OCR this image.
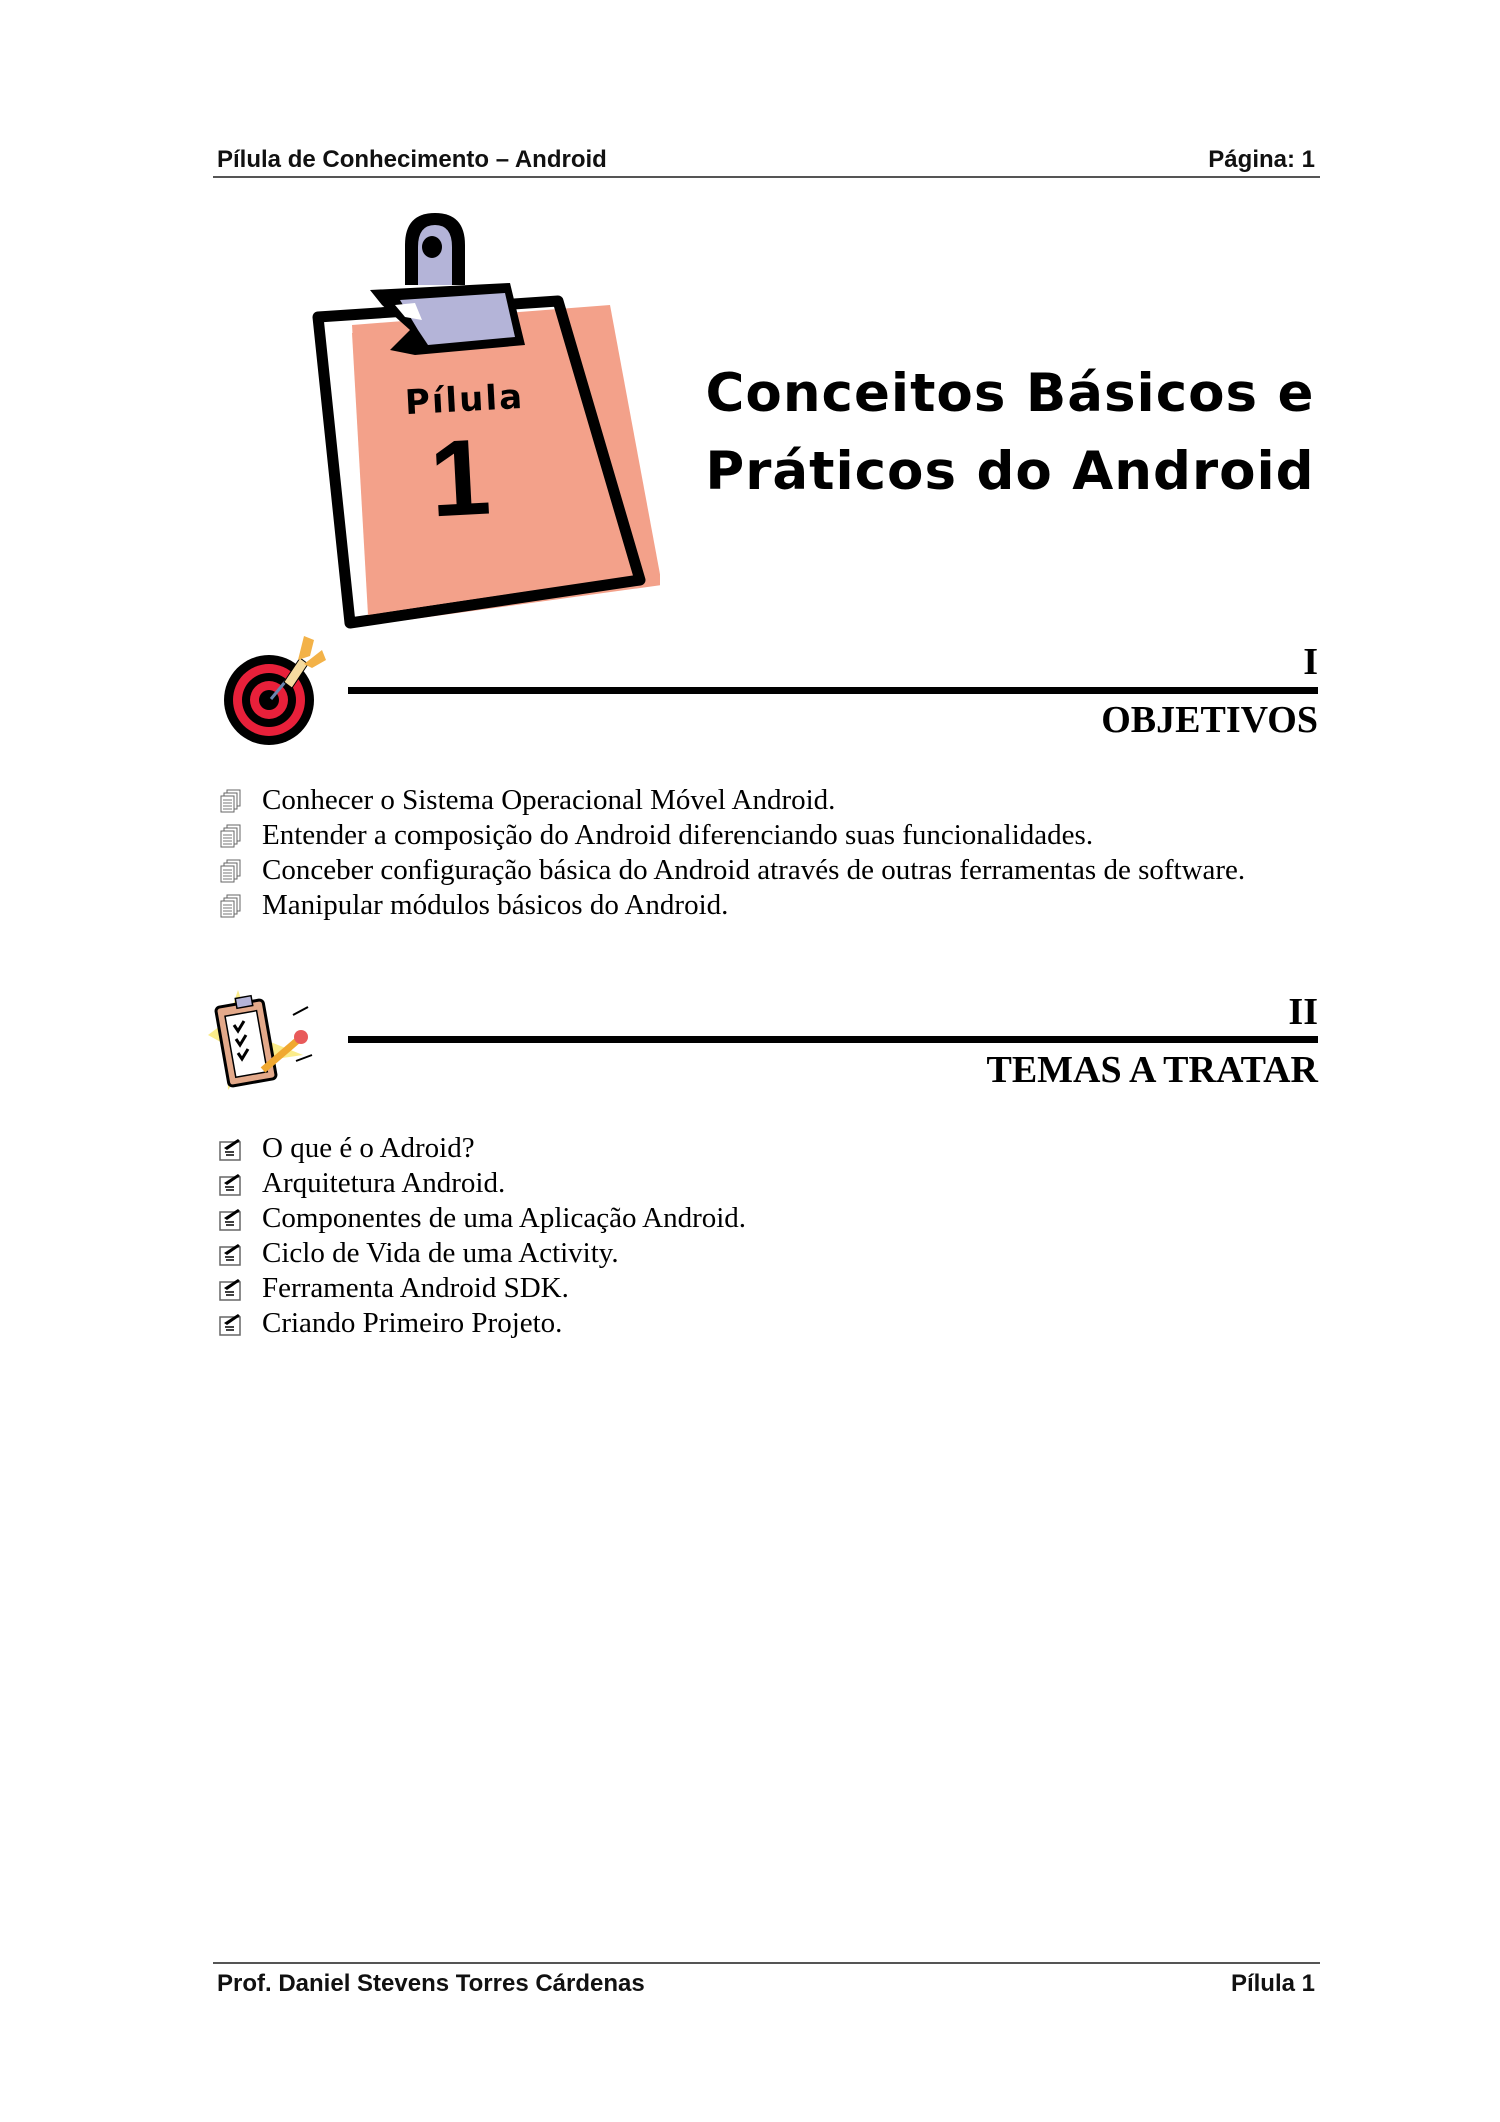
Pílula de Conhecimento – Android	Página: 1
Pílula
1
Conceitos Básicos e
Práticos do Android
I
OBJETIVOS
Conhecer o Sistema Operacional Móvel Android.
Entender a composição do Android diferenciando suas funcionalidades.
Conceber configuração básica do Android através de outras ferramentas de software.
Manipular módulos básicos do Android.
II
TEMAS A TRATAR
O que é o Adroid?
Arquitetura Android.
Componentes de uma Aplicação Android.
Ciclo de Vida de uma Activity.
Ferramenta Android SDK.
Criando Primeiro Projeto.
Prof. Daniel Stevens Torres Cárdenas	Pílula 1
